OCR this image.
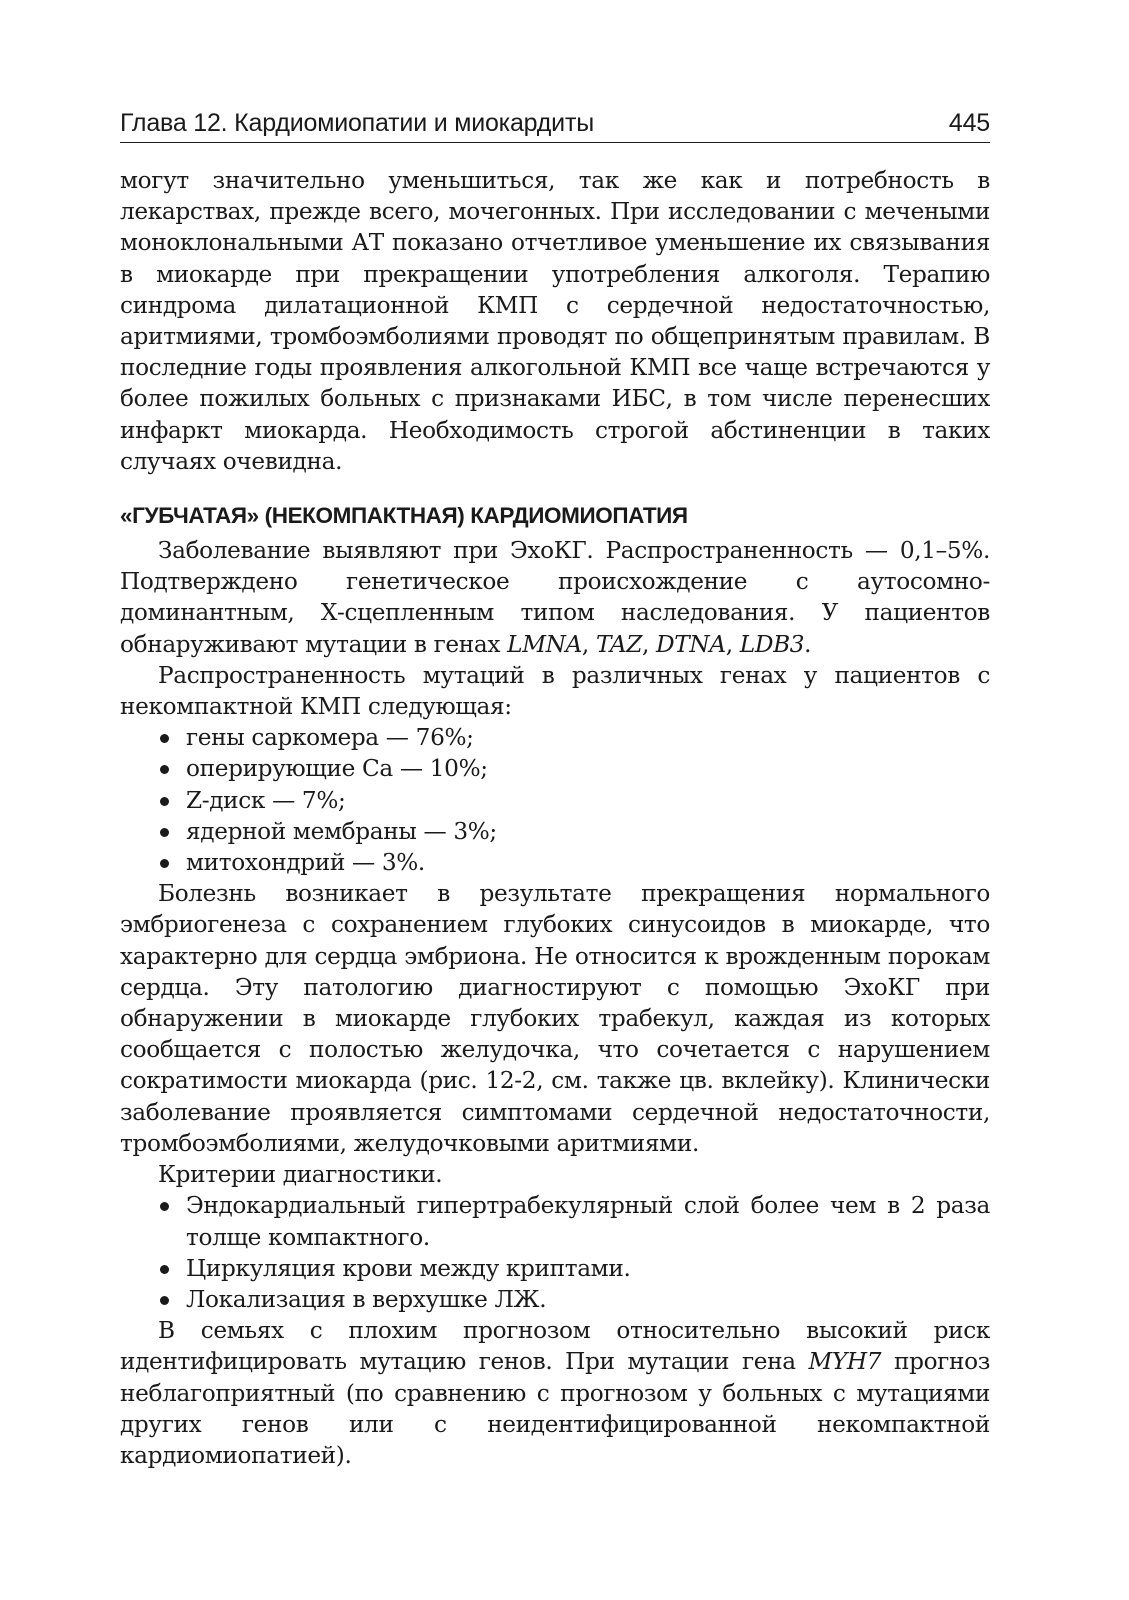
Глава 12. Кардиомиопатии и миокардиты	445

могут значительно уменьшиться, так же как и потребность в лекарствах, прежде всего, мочегонных. При исследовании с мечеными моноклональными АТ показано отчетливое уменьшение их связывания в миокарде при прекращении употребления алкоголя. Терапию синдрома дилатационной КМП с сердечной недостаточностью, аритмиями, тромбоэмболиями проводят по общепринятым правилам. В последние годы проявления алкогольной КМП все чаще встречаются у более пожилых больных с признаками ИБС, в том числе перенесших инфаркт миокарда. Необходимость строгой абстиненции в таких случаях очевидна.

«ГУБЧАТАЯ» (НЕКОМПАКТНАЯ) КАРДИОМИОПАТИЯ

Заболевание выявляют при ЭхоКГ. Распространенность — 0,1–5%. Подтверждено генетическое происхождение с аутосомно-доминантным, Х-сцепленным типом наследования. У пациентов обнаруживают мутации в генах LMNA, TAZ, DTNA, LDB3.

Распространенность мутаций в различных генах у пациентов с некомпактной КМП следующая:

гены саркомера — 76%;
оперирующие Ca — 10%;
Z-диск — 7%;
ядерной мембраны — 3%;
митохондрий — 3%.

Болезнь возникает в результате прекращения нормального эмбриогенеза с сохранением глубоких синусоидов в миокарде, что характерно для сердца эмбриона. Не относится к врожденным порокам сердца. Эту патологию диагностируют с помощью ЭхоКГ при обнаружении в миокарде глубоких трабекул, каждая из которых сообщается с полостью желудочка, что сочетается с нарушением сократимости миокарда (рис. 12-2, см. также цв. вклейку). Клинически заболевание проявляется симптомами сердечной недостаточности, тромбоэмболиями, желудочковыми аритмиями.

Критерии диагностики.

Эндокардиальный гипертрабекулярный слой более чем в 2 раза толще компактного.
Циркуляция крови между криптами.
Локализация в верхушке ЛЖ.

В семьях с плохим прогнозом относительно высокий риск идентифицировать мутацию генов. При мутации гена MYH7 прогноз неблагоприятный (по сравнению с прогнозом у больных с мутациями других генов или с неидентифицированной некомпактной кардиомиопатией).
